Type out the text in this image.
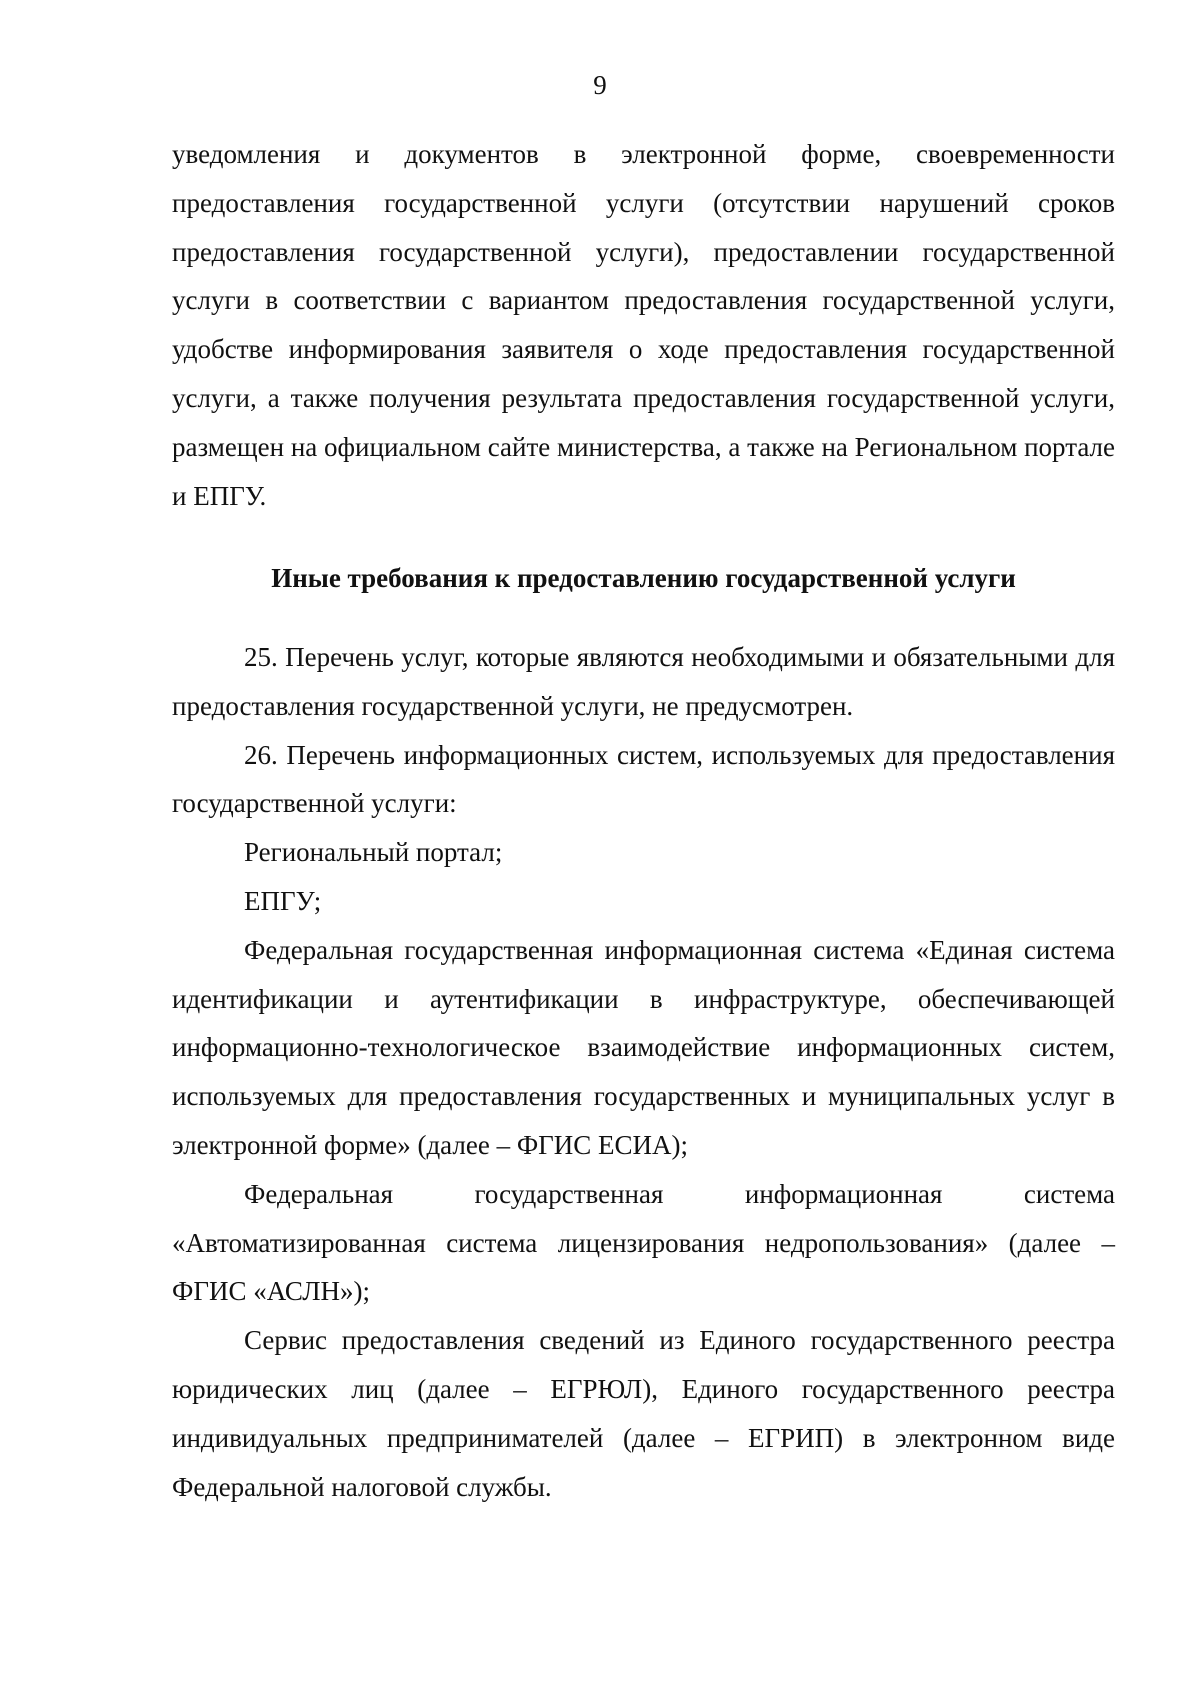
9

уведомления и документов в электронной форме, своевременности предоставления государственной услуги (отсутствии нарушений сроков предоставления государственной услуги), предоставлении государственной услуги в соответствии с вариантом предоставления государственной услуги, удобстве информирования заявителя о ходе предоставления государственной услуги, а также получения результата предоставления государственной услуги, размещен на официальном сайте министерства, а также на Региональном портале и ЕПГУ.

Иные требования к предоставлению государственной услуги

25. Перечень услуг, которые являются необходимыми и обязательными для предоставления государственной услуги, не предусмотрен.

26. Перечень информационных систем, используемых для предоставления государственной услуги:

Региональный портал;

ЕПГУ;

Федеральная государственная информационная система «Единая система идентификации и аутентификации в инфраструктуре, обеспечивающей информационно-технологическое взаимодействие информационных систем, используемых для предоставления государственных и муниципальных услуг в электронной форме» (далее – ФГИС ЕСИА);

Федеральная государственная информационная система «Автоматизированная система лицензирования недропользования» (далее – ФГИС «АСЛН»);

Сервис предоставления сведений из Единого государственного реестра юридических лиц (далее – ЕГРЮЛ), Единого государственного реестра индивидуальных предпринимателей (далее – ЕГРИП) в электронном виде Федеральной налоговой службы.
